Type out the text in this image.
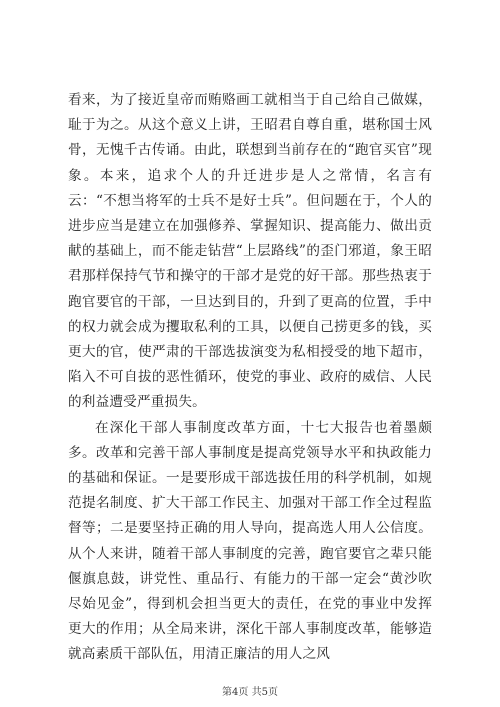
看来，为了接近皇帝而贿赂画工就相当于自己给自己做媒，耻于为之。从这个意义上讲，王昭君自尊自重，堪称国士风骨，无愧千古传诵。由此，联想到当前存在的“跑官买官”现象。本来，追求个人的升迁进步是人之常情，名言有云：“不想当将军的士兵不是好士兵”。但问题在于，个人的进步应当是建立在加强修养、掌握知识、提高能力、做出贡献的基础上，而不能走钻营“上层路线”的歪门邪道，象王昭君那样保持气节和操守的干部才是党的好干部。那些热衷于跑官要官的干部，一旦达到目的，升到了更高的位置，手中的权力就会成为攫取私利的工具，以便自己捞更多的钱，买更大的官，使严肃的干部选拔演变为私相授受的地下超市，陷入不可自拔的恶性循环，使党的事业、政府的威信、人民的利益遭受严重损失。

在深化干部人事制度改革方面，十七大报告也着墨颇多。改革和完善干部人事制度是提高党领导水平和执政能力的基础和保证。一是要形成干部选拔任用的科学机制，如规范提名制度、扩大干部工作民主、加强对干部工作全过程监督等；二是要坚持正确的用人导向，提高选人用人公信度。从个人来讲，随着干部人事制度的完善，跑官要官之辈只能偃旗息鼓，讲党性、重品行、有能力的干部一定会“黄沙吹尽始见金”，得到机会担当更大的责任，在党的事业中发挥更大的作用；从全局来讲，深化干部人事制度改革，能够造就高素质干部队伍，用清正廉洁的用人之风

第4页 共5页
